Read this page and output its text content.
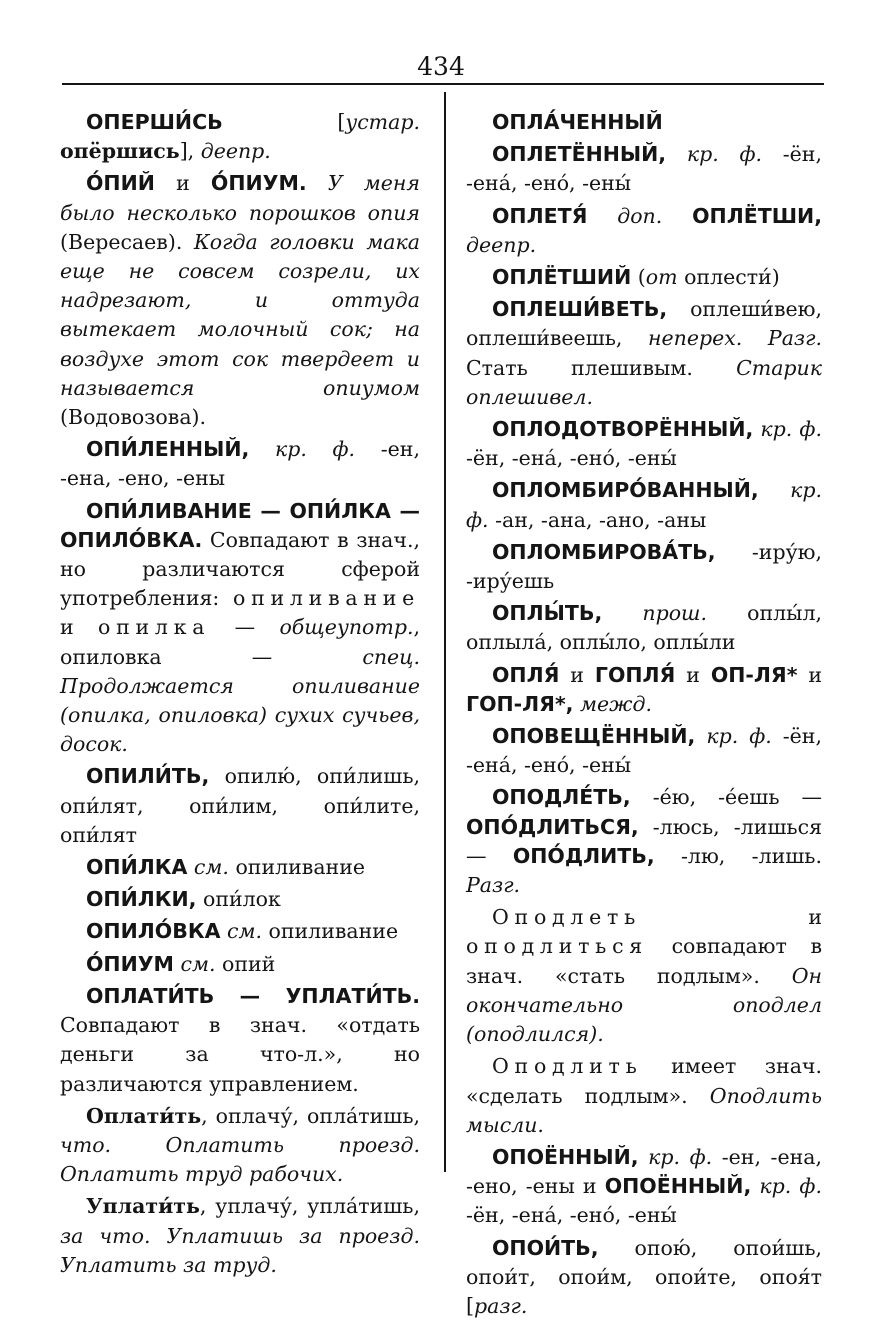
434

ОПЕРШИ́СЬ [устар. опёршись], деепр.

О́ПИЙ и О́ПИУМ. У меня было несколько порошков опия (Вересаев). Когда головки мака еще не совсем созрели, их надрезают, и оттуда вытекает молочный сок; на воздухе этот сок твердеет и называется опиумом (Водовозова).

ОПИ́ЛЕННЫЙ, кр. ф. -ен, -ена, -ено, -ены

ОПИ́ЛИВАНИЕ — ОПИ́ЛКА — ОПИЛО́ВКА. Совпадают в знач., но различаются сферой употребления: опиливание и опилка — общеупотр., опиловка — спец. Продолжается опиливание (опилка, опиловка) сухих сучьев, досок.

ОПИЛИ́ТЬ, опилю́, опи́лишь, опи́лят, опи́лим, опи́лите, опи́лят

ОПИ́ЛКА см. опиливание

ОПИ́ЛКИ, опи́лок

ОПИЛО́ВКА см. опиливание

О́ПИУМ см. опий

ОПЛАТИ́ТЬ — УПЛАТИ́ТЬ. Совпадают в знач. «отдать деньги за что-л.», но различаются управлением.

Оплати́ть, оплачу́, опла́тишь, что. Оплатить проезд. Оплатить труд рабочих.

Уплати́ть, уплачу́, упла́тишь, за что. Уплатишь за проезд. Уплатить за труд.

ОПЛА́ЧЕННЫЙ

ОПЛЕТЁННЫЙ, кр. ф. -ён, -ена́, -ено́, -ены́

ОПЛЕТЯ́ доп. ОПЛЁТШИ, деепр.

ОПЛЁТШИЙ (от оплести́)

ОПЛЕШИ́ВЕТЬ, оплеши́вею, оплеши́веешь, неперех. Разг. Стать плешивым. Старик оплешивел.

ОПЛОДОТВОРЁННЫЙ, кр. ф. -ён, -ена́, -ено́, -ены́

ОПЛОМБИРО́ВАННЫЙ, кр. ф. -ан, -ана, -ано, -аны

ОПЛОМБИРОВА́ТЬ, -иру́ю, -иру́ешь

ОПЛЫ́ТЬ, прош. оплы́л, оплыла́, оплы́ло, оплы́ли

ОПЛЯ́ и ГОПЛЯ́ и ОП-ЛЯ* и ГОП-ЛЯ*, межд.

ОПОВЕЩЁННЫЙ, кр. ф. -ён, -ена́, -ено́, -ены́

ОПОДЛЕ́ТЬ, -е́ю, -е́ешь — ОПО́ДЛИТЬСЯ, -люсь, -лишься — ОПО́ДЛИТЬ, -лю, -лишь. Разг.

Оподлеть и оподлиться совпадают в знач. «стать подлым». Он окончательно оподлел (оподлился).

Оподлить имеет знач. «сделать подлым». Оподлить мысли.

ОПОЁННЫЙ, кр. ф. -ен, -ена, -ено, -ены и ОПОЁННЫЙ, кр. ф. -ён, -ена́, -ено́, -ены́

ОПОИ́ТЬ, опою́, опои́шь, опои́т, опои́м, опои́те, опоя́т [разг.
